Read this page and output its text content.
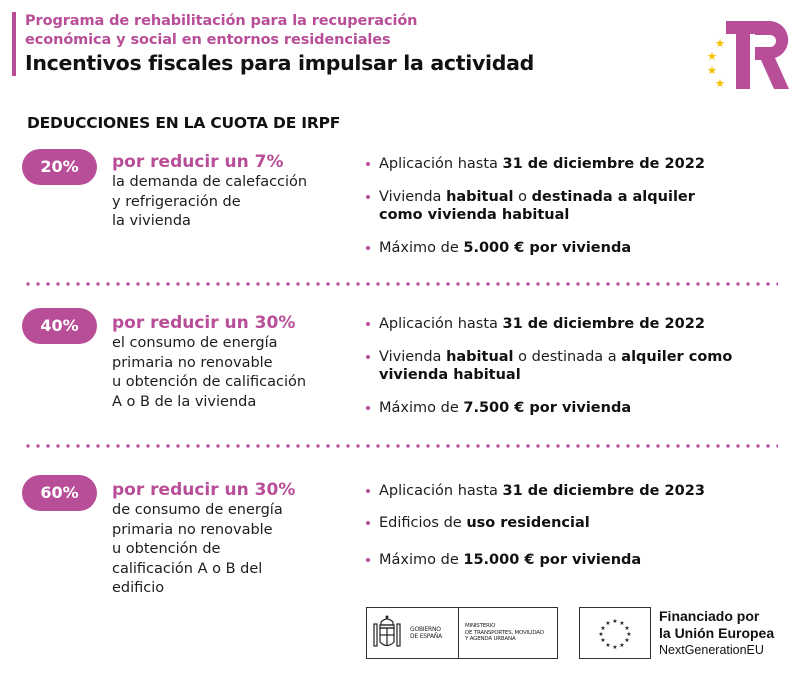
Programa de rehabilitación para la recuperación
económica y social en entornos residenciales
Incentivos fiscales para impulsar la actividad
DEDUCCIONES EN LA CUOTA DE IRPF
20%	por reducir un 7%
la demanda de calefacción
y refrigeración de
la vivienda
Aplicación hasta 31 de diciembre de 2022
Vivienda habitual o destinada a alquiler como vivienda habitual
Máximo de 5.000 € por vivienda
40%	por reducir un 30%
el consumo de energía
primaria no renovable
u obtención de calificación
A o B de la vivienda
Aplicación hasta 31 de diciembre de 2022
Vivienda habitual o destinada a alquiler como vivienda habitual
Máximo de 7.500 € por vivienda
60%	por reducir un 30%
de consumo de energía
primaria no renovable
u obtención de
calificación A o B del
edificio
Aplicación hasta 31 de diciembre de 2023
Edificios de uso residencial
Máximo de 15.000 € por vivienda
GOBIERNO
DE ESPAÑA
MINISTERIO
DE TRANSPORTES, MOVILIDAD
Y AGENDA URBANA
★ ★
★
★
★
★
★
★
★
★
★
★	Financiado por
la Unión Europea
NextGenerationEU
